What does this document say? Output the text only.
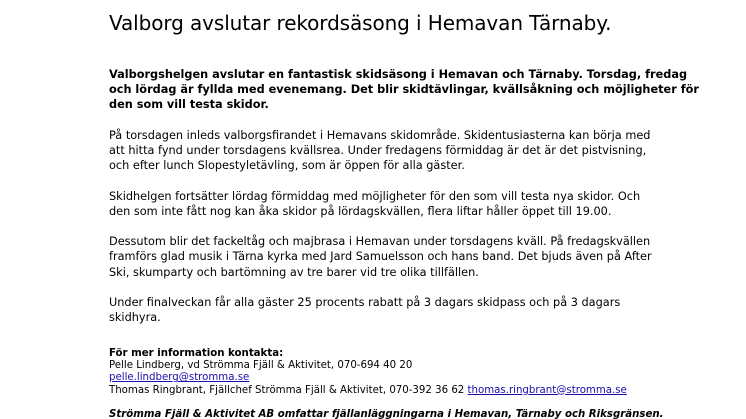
Valborg avslutar rekordsäsong i Hemavan Tärnaby.

Valborgshelgen avslutar en fantastisk skidsäsong i Hemavan och Tärnaby. Torsdag, fredag
och lördag är fyllda med evenemang. Det blir skidtävlingar, kvällsåkning och möjligheter för
den som vill testa skidor.

På torsdagen inleds valborgsfirandet i Hemavans skidområde. Skidentusiasterna kan börja med
att hitta fynd under torsdagens kvällsrea. Under fredagens förmiddag är det är det pistvisning,
och efter lunch Slopestyletävling, som är öppen för alla gäster.

Skidhelgen fortsätter lördag förmiddag med möjligheter för den som vill testa nya skidor. Och
den som inte fått nog kan åka skidor på lördagskvällen, flera liftar håller öppet till 19.00.

Dessutom blir det fackeltåg och majbrasa i Hemavan under torsdagens kväll. På fredagskvällen
framförs glad musik i Tärna kyrka med Jard Samuelsson och hans band. Det bjuds även på After
Ski, skumparty och bartömning av tre barer vid tre olika tillfällen.

Under finalveckan får alla gäster 25 procents rabatt på 3 dagars skidpass och på 3 dagars
skidhyra.

För mer information kontakta:
Pelle Lindberg, vd Strömma Fjäll & Aktivitet, 070-694 40 20
pelle.lindberg@stromma.se
Thomas Ringbrant, Fjällchef Strömma Fjäll & Aktivitet, 070-392 36 62 thomas.ringbrant@stromma.se
Strömma Fjäll & Aktivitet AB omfattar fjällanläggningarna i Hemavan, Tärnaby och Riksgränsen.
